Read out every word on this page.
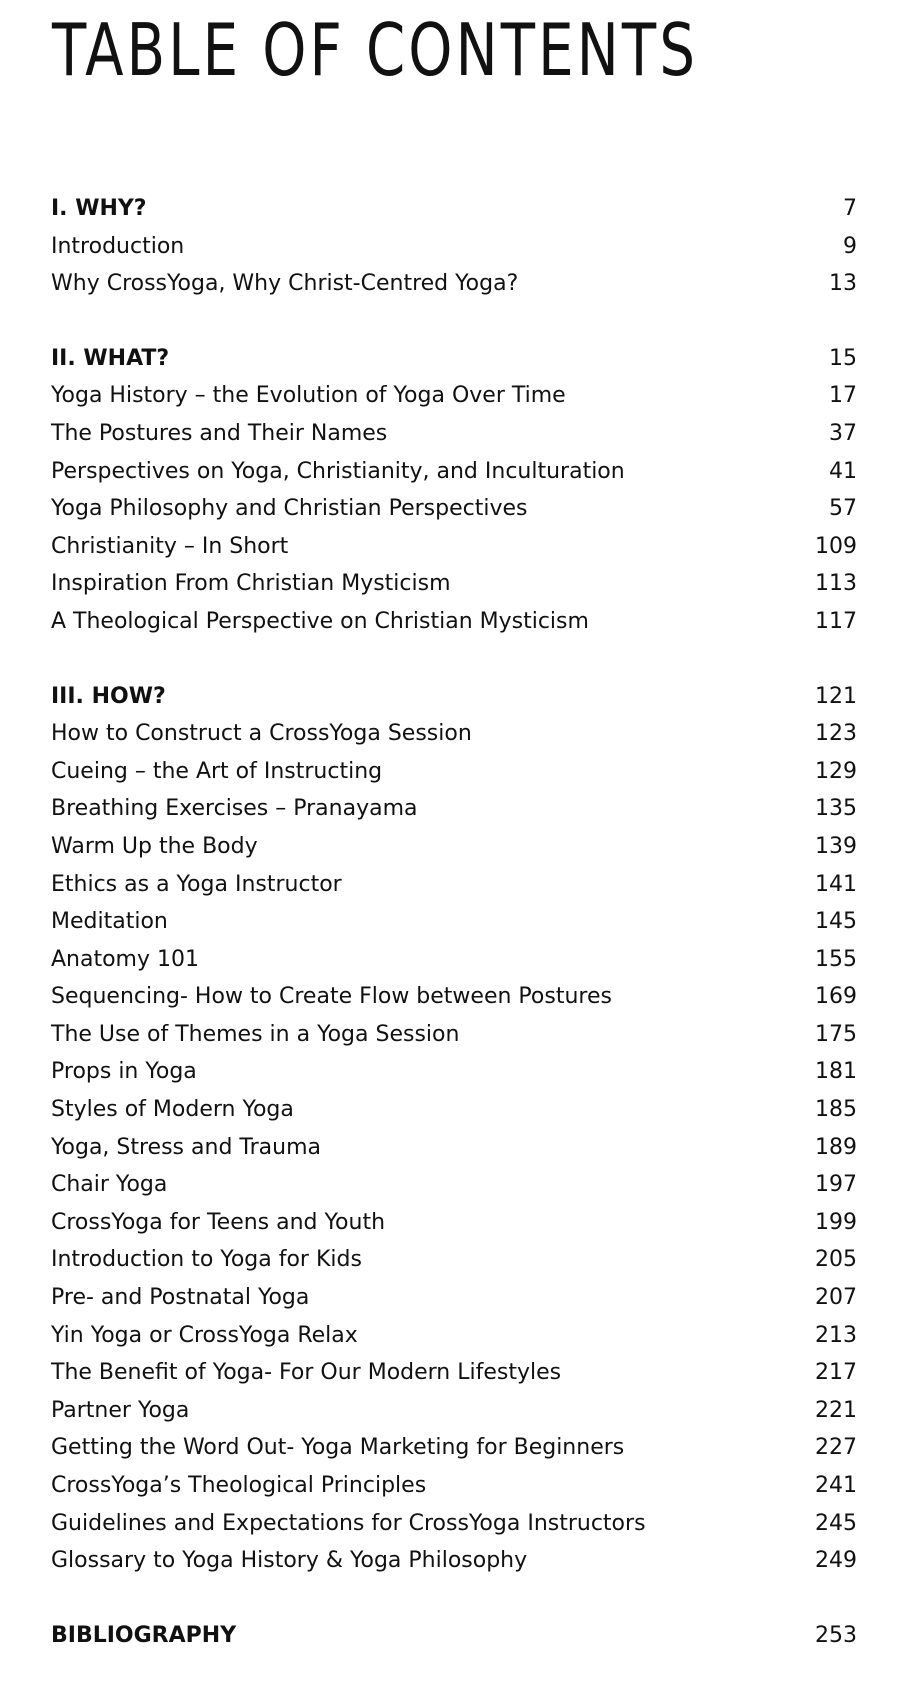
TABLE OF CONTENTS
I. WHY?	7
Introduction	9
Why CrossYoga, Why Christ-Centred Yoga?	13
II. WHAT?	15
Yoga History – the Evolution of Yoga Over Time	17
The Postures and Their Names	37
Perspectives on Yoga, Christianity, and Inculturation	41
Yoga Philosophy and Christian Perspectives	57
Christianity – In Short	109
Inspiration From Christian Mysticism	113
A Theological Perspective on Christian Mysticism	117
III. HOW?	121
How to Construct a CrossYoga Session	123
Cueing – the Art of Instructing	129
Breathing Exercises – Pranayama	135
Warm Up the Body	139
Ethics as a Yoga Instructor	141
Meditation	145
Anatomy 101	155
Sequencing- How to Create Flow between Postures	169
The Use of Themes in a Yoga Session	175
Props in Yoga	181
Styles of Modern Yoga	185
Yoga, Stress and Trauma	189
Chair Yoga	197
CrossYoga for Teens and Youth	199
Introduction to Yoga for Kids	205
Pre- and Postnatal Yoga	207
Yin Yoga or CrossYoga Relax	213
The Benefit of Yoga- For Our Modern Lifestyles	217
Partner Yoga	221
Getting the Word Out- Yoga Marketing for Beginners	227
CrossYoga’s Theological Principles	241
Guidelines and Expectations for CrossYoga Instructors	245
Glossary to Yoga History & Yoga Philosophy	249
BIBLIOGRAPHY	253
